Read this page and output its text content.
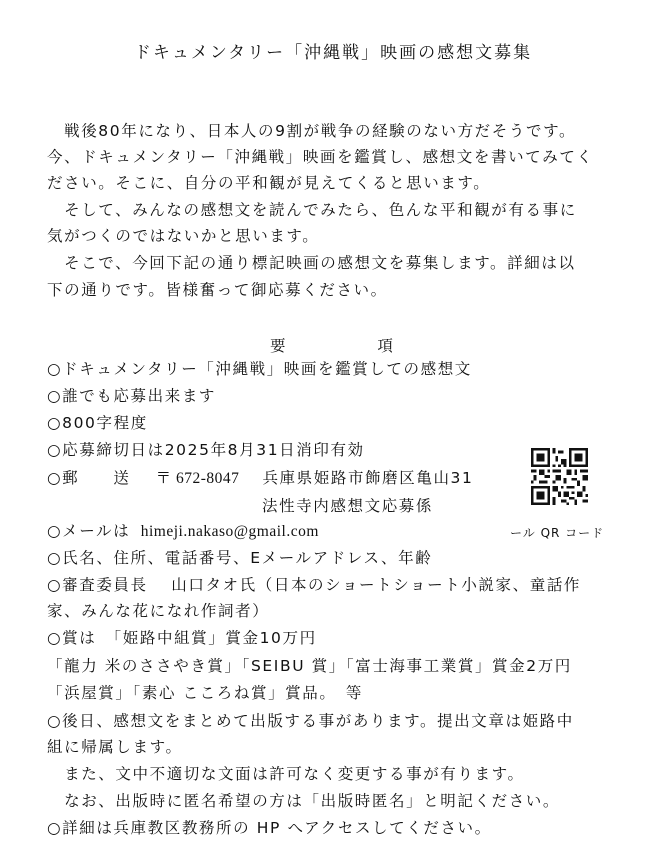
ドキュメンタリー「沖縄戦」映画の感想文募集
　戦後80年になり、日本人の9割が戦争の経験のない方だそうです。
今、ドキュメンタリー「沖縄戦」映画を鑑賞し、感想文を書いてみてく
ださい。そこに、自分の平和観が見えてくると思います。
　そして、みんなの感想文を読んでみたら、色んな平和観が有る事に
気がつくのではないかと思います。
　そこで、今回下記の通り標記映画の感想文を募集します。詳細は以
下の通りです。皆様奮って御応募ください。
要	項
○ドキュメンタリー「沖縄戦」映画を鑑賞しての感想文
○誰でも応募出来ます
○800字程度
○応募締切日は2025年8月31日消印有効
○郵　　送 〒 672-8047 兵庫県姫路市飾磨区亀山31
法性寺内感想文応募係
○メールは himeji.nakaso@gmail.com	ール QR コード
○氏名、住所、電話番号、Eメールアドレス、年齢
○審査委員長　 山口タオ氏（日本のショートショート小説家、童話作
家、みんな花になれ作詞者）
○賞は　「姫路中組賞」賞金10万円
「龍力 米のささやき賞」「SEIBU 賞」「富士海事工業賞」賞金2万円
「浜屋賞」「素心 こころね賞」賞品。　等
○後日、感想文をまとめて出版する事があります。提出文章は姫路中
組に帰属します。
　また、文中不適切な文面は許可なく変更する事が有ります。
　なお、出版時に匿名希望の方は「出版時匿名」と明記ください。
○詳細は兵庫教区教務所の HP へアクセスしてください。
